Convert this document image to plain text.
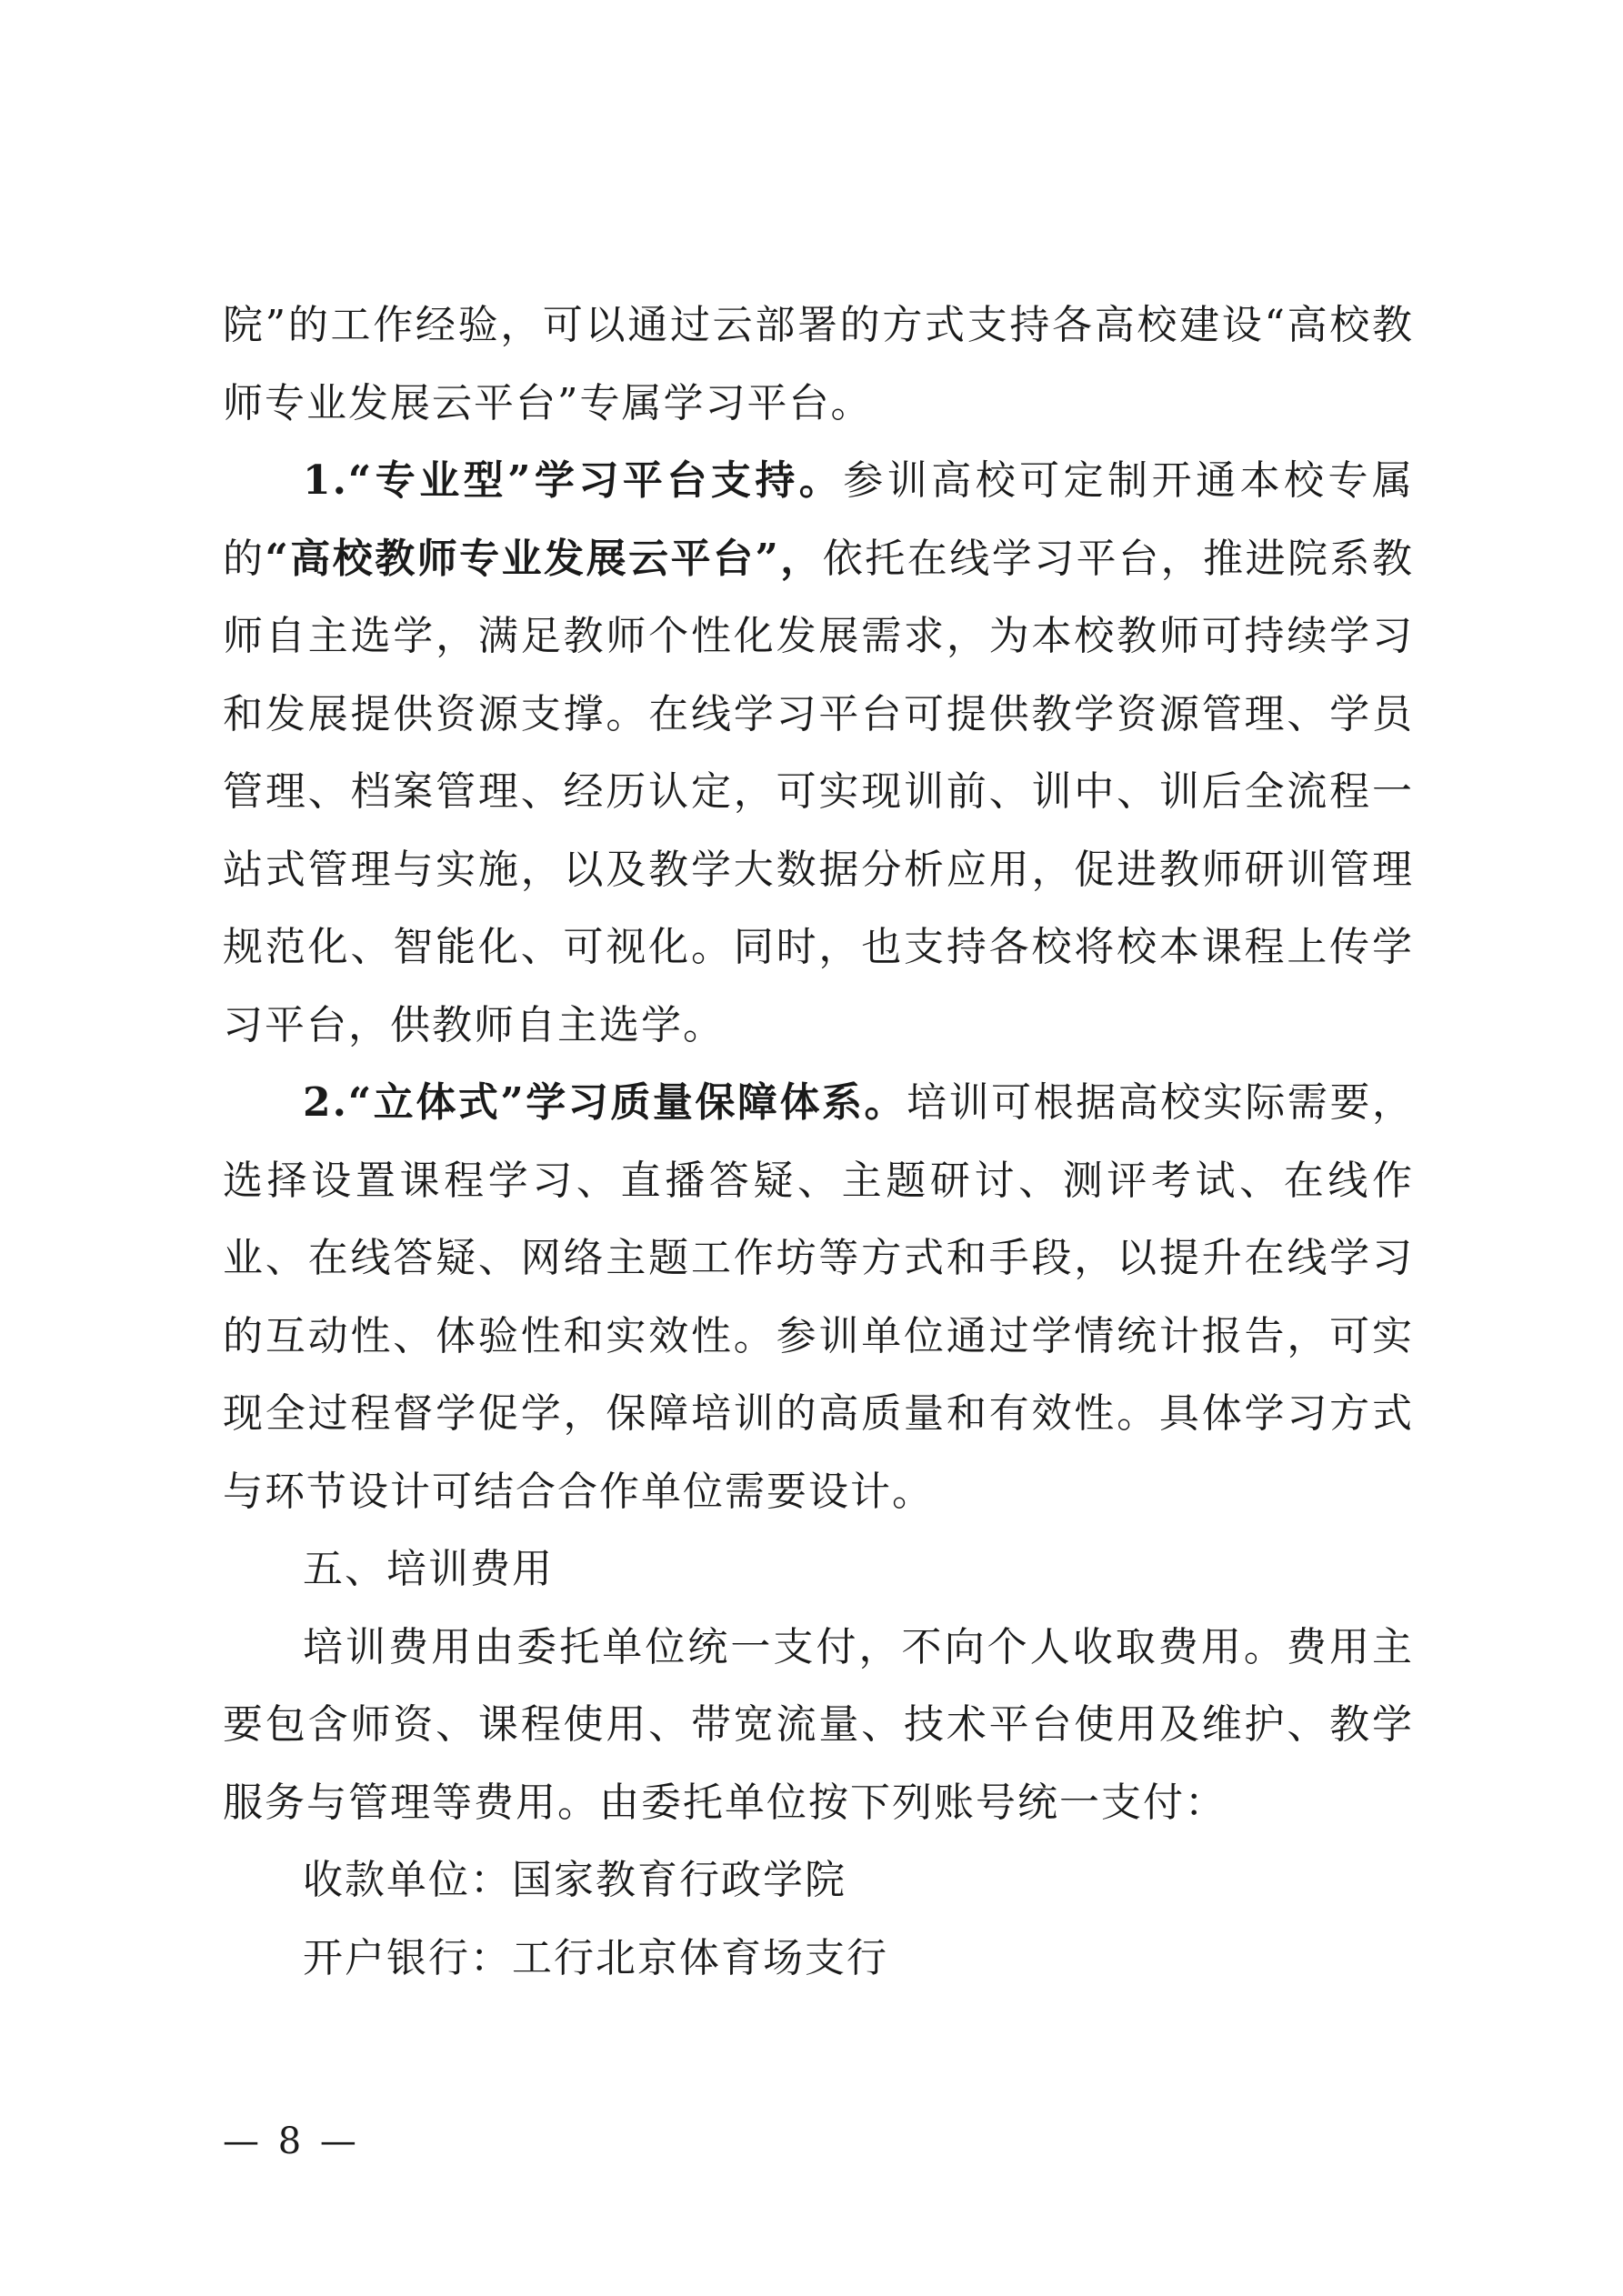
院”的工作经验，可以通过云部署的方式支持各高校建设“高校教师专业发展云平台”专属学习平台。

1.“专业型”学习平台支持。参训高校可定制开通本校专属的“高校教师专业发展云平台”，依托在线学习平台，推进院系教师自主选学，满足教师个性化发展需求，为本校教师可持续学习和发展提供资源支撑。在线学习平台可提供教学资源管理、学员管理、档案管理、经历认定，可实现训前、训中、训后全流程一站式管理与实施，以及教学大数据分析应用，促进教师研训管理规范化、智能化、可视化。同时，也支持各校将校本课程上传学习平台，供教师自主选学。

2.“立体式”学习质量保障体系。培训可根据高校实际需要，选择设置课程学习、直播答疑、主题研讨、测评考试、在线作业、在线答疑、网络主题工作坊等方式和手段，以提升在线学习的互动性、体验性和实效性。参训单位通过学情统计报告，可实现全过程督学促学，保障培训的高质量和有效性。具体学习方式与环节设计可结合合作单位需要设计。

五、培训费用

培训费用由委托单位统一支付，不向个人收取费用。费用主要包含师资、课程使用、带宽流量、技术平台使用及维护、教学服务与管理等费用。由委托单位按下列账号统一支付：

收款单位：国家教育行政学院

开户银行：工行北京体育场支行

— 8 —
